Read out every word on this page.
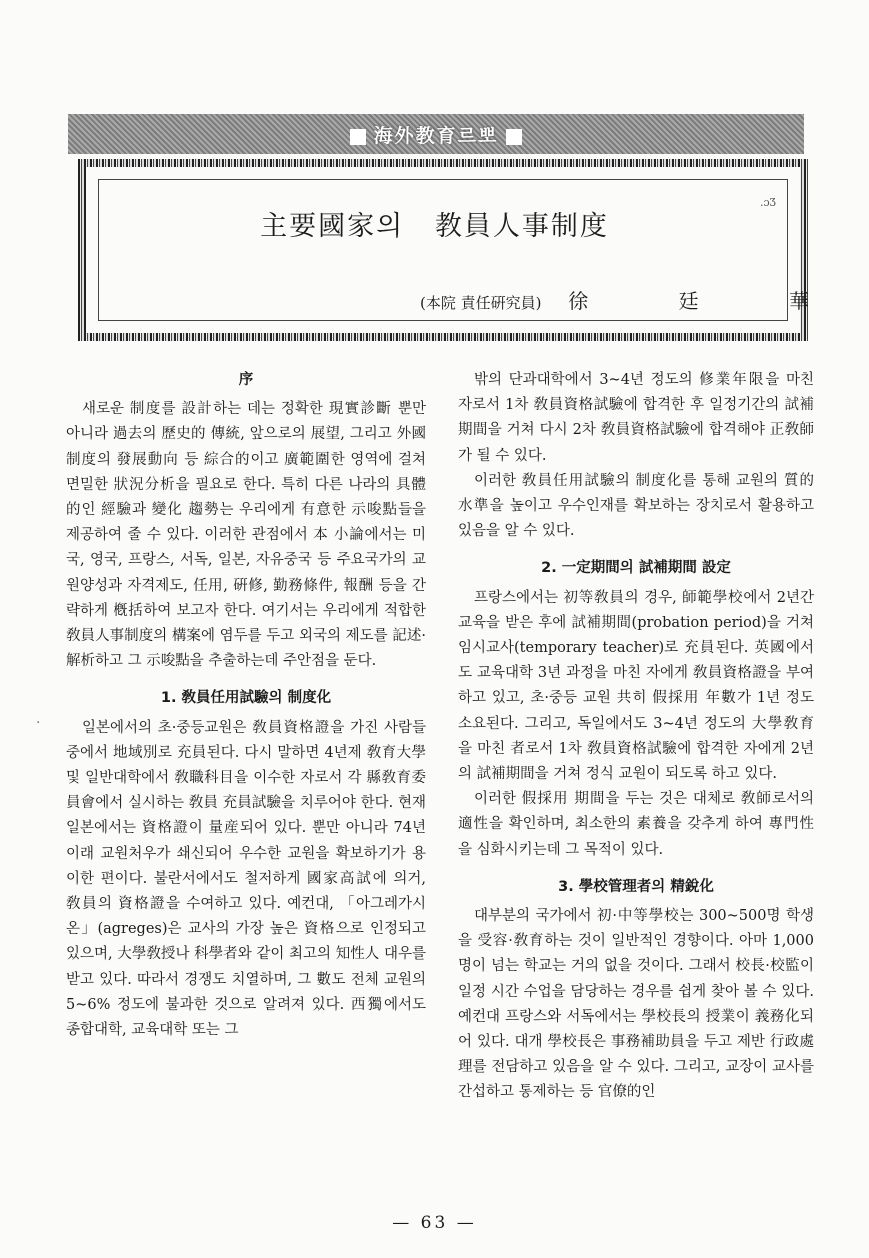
海外教育르뽀
主要國家의 教員人事制度
.ɔƷ
(本院 責任硏究員) 徐 廷 華
·

序

새로운 制度를 設計하는 데는 정확한 現實診斷 뿐만 아니라 過去의 歷史的 傳統, 앞으로의 展望, 그리고 外國制度의 發展動向 등 綜合的이고 廣範圍한 영역에 걸쳐 면밀한 狀況分析을 필요로 한다. 특히 다른 나라의 具體的인 經驗과 變化 趨勢는 우리에게 有意한 示唆點들을 제공하여 줄 수 있다. 이러한 관점에서 本 小論에서는 미국, 영국, 프랑스, 서독, 일본, 자유중국 등 주요국가의 교원양성과 자격제도, 任用, 硏修, 勤務條件, 報酬 등을 간략하게 槪括하여 보고자 한다. 여기서는 우리에게 적합한 敎員人事制度의 構案에 염두를 두고 외국의 제도를 記述·解析하고 그 示唆點을 추출하는데 주안점을 둔다.

1. 敎員任用試驗의 制度化

일본에서의 초·중등교원은 敎員資格證을 가진 사람들 중에서 地域別로 充員된다. 다시 말하면 4년제 敎育大學 및 일반대학에서 敎職科目을 이수한 자로서 각 縣敎育委員會에서 실시하는 敎員 充員試驗을 치루어야 한다. 현재 일본에서는 資格證이 量産되어 있다. 뿐만 아니라 74년 이래 교원처우가 쇄신되어 우수한 교원을 확보하기가 용이한 편이다. 불란서에서도 철저하게 國家高試에 의거, 敎員의 資格證을 수여하고 있다. 예컨대, 「아그레가시온」(agreges)은 교사의 가장 높은 資格으로 인정되고 있으며, 大學敎授나 科學者와 같이 최고의 知性人 대우를 받고 있다. 따라서 경쟁도 치열하며, 그 數도 전체 교원의 5~6% 정도에 불과한 것으로 알려져 있다. 西獨에서도 종합대학, 교육대학 또는 그

밖의 단과대학에서 3~4년 정도의 修業年限을 마친 자로서 1차 敎員資格試驗에 합격한 후 일정기간의 試補期間을 거쳐 다시 2차 敎員資格試驗에 합격해야 正敎師가 될 수 있다.

이러한 敎員任用試驗의 制度化를 통해 교원의 質的 水準을 높이고 우수인재를 확보하는 장치로서 활용하고 있음을 알 수 있다.

2. 一定期間의 試補期間 設定

프랑스에서는 初等敎員의 경우, 師範學校에서 2년간 교육을 받은 후에 試補期間(probation period)을 거쳐 임시교사(temporary teacher)로 充員된다. 英國에서도 교육대학 3년 과정을 마친 자에게 敎員資格證을 부여하고 있고, 초·중등 교원 共히 假採用 年數가 1년 정도 소요된다. 그리고, 독일에서도 3~4년 정도의 大學敎育을 마친 者로서 1차 敎員資格試驗에 합격한 자에게 2년의 試補期間을 거쳐 정식 교원이 되도록 하고 있다.

이러한 假採用 期間을 두는 것은 대체로 敎師로서의 適性을 확인하며, 최소한의 素養을 갖추게 하여 專門性을 심화시키는데 그 목적이 있다.

3. 學校管理者의 精銳化

대부분의 국가에서 初·中等學校는 300~500명 학생을 受容·敎育하는 것이 일반적인 경향이다. 아마 1,000명이 넘는 학교는 거의 없을 것이다. 그래서 校長·校監이 일정 시간 수업을 담당하는 경우를 쉽게 찾아 볼 수 있다. 예컨대 프랑스와 서독에서는 學校長의 授業이 義務化되어 있다. 대개 學校長은 事務補助員을 두고 제반 行政處理를 전담하고 있음을 알 수 있다. 그리고, 교장이 교사를 간섭하고 통제하는 등 官僚的인

— 63 —
